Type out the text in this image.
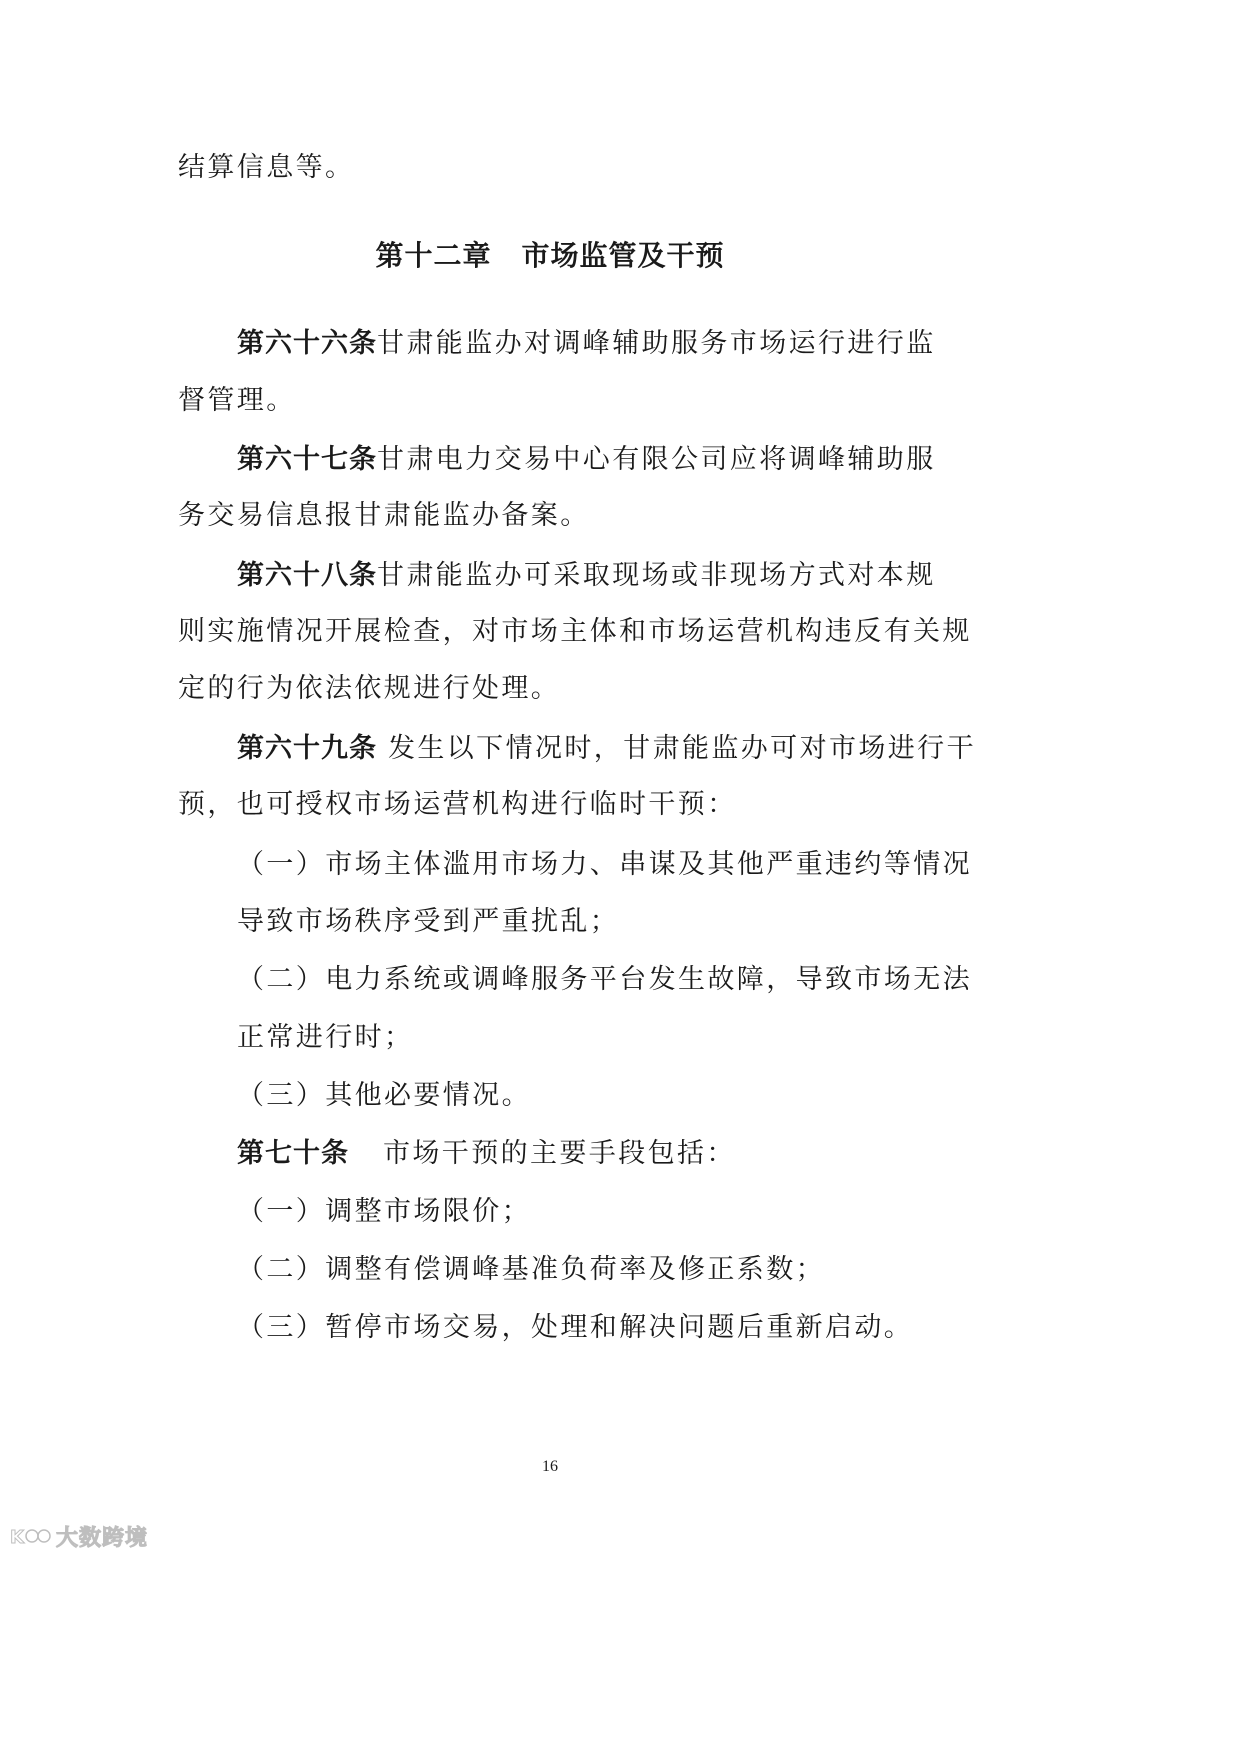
结算信息等。
第十二章 市场监管及干预
第六十六条甘肃能监办对调峰辅助服务市场运行进行监
督管理。
第六十七条甘肃电力交易中心有限公司应将调峰辅助服
务交易信息报甘肃能监办备案。
第六十八条甘肃能监办可采取现场或非现场方式对本规
则实施情况开展检查，对市场主体和市场运营机构违反有关规
定的行为依法依规进行处理。
第六十九条 发生以下情况时，甘肃能监办可对市场进行干
预，也可授权市场运营机构进行临时干预：
（一）市场主体滥用市场力、串谋及其他严重违约等情况
导致市场秩序受到严重扰乱；
（二）电力系统或调峰服务平台发生故障，导致市场无法
正常进行时；
（三）其他必要情况。
第七十条 市场干预的主要手段包括：
（一）调整市场限价；
（二）调整有偿调峰基准负荷率及修正系数；
（三）暂停市场交易，处理和解决问题后重新启动。
16
K 大数跨境
